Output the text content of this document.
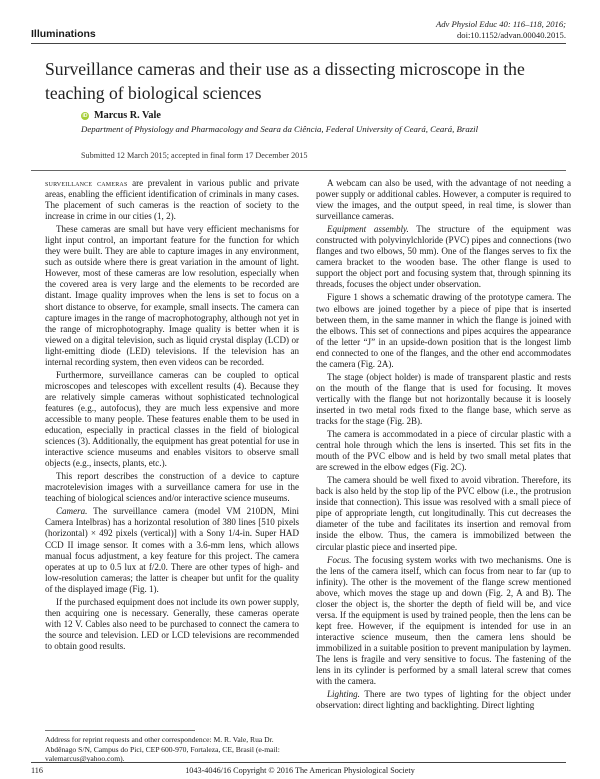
Illuminations
Adv Physiol Educ 40: 116–118, 2016;
doi:10.1152/advan.00040.2015.
Surveillance cameras and their use as a dissecting microscope in the teaching of biological sciences
iD Marcus R. Vale
Department of Physiology and Pharmacology and Seara da Ciência, Federal University of Ceará, Ceará, Brazil
Submitted 12 March 2015; accepted in final form 17 December 2015

surveillance cameras are prevalent in various public and private areas, enabling the efficient identification of criminals in many cases. The placement of such cameras is the reaction of society to the increase in crime in our cities (1, 2).

These cameras are small but have very efficient mechanisms for light input control, an important feature for the function for which they were built. They are able to capture images in any environment, such as outside where there is great variation in the amount of light. However, most of these cameras are low resolution, especially when the covered area is very large and the elements to be recorded are distant. Image quality improves when the lens is set to focus on a short distance to observe, for example, small insects. The camera can capture images in the range of macrophotography, although not yet in the range of microphotography. Image quality is better when it is viewed on a digital television, such as liquid crystal display (LCD) or light-emitting diode (LED) televisions. If the television has an internal recording system, then even videos can be recorded.

Furthermore, surveillance cameras can be coupled to optical microscopes and telescopes with excellent results (4). Because they are relatively simple cameras without sophisticated technological features (e.g., autofocus), they are much less expensive and more accessible to many people. These features enable them to be used in education, especially in practical classes in the field of biological sciences (3). Additionally, the equipment has great potential for use in interactive science museums and enables visitors to observe small objects (e.g., insects, plants, etc.).

This report describes the construction of a device to capture macrotelevision images with a surveillance camera for use in the teaching of biological sciences and/or interactive science museums.

Camera. The surveillance camera (model VM 210DN, Mini Camera Intelbras) has a horizontal resolution of 380 lines [510 pixels (horizontal) × 492 pixels (vertical)] with a Sony 1/4-in. Super HAD CCD II image sensor. It comes with a 3.6-mm lens, which allows manual focus adjustment, a key feature for this project. The camera operates at up to 0.5 lux at f/2.0. There are other types of high- and low-resolution cameras; the latter is cheaper but unfit for the quality of the displayed image (Fig. 1).

If the purchased equipment does not include its own power supply, then acquiring one is necessary. Generally, these cameras operate with 12 V. Cables also need to be purchased to connect the camera to the source and television. LED or LCD televisions are recommended to obtain good results.

A webcam can also be used, with the advantage of not needing a power supply or additional cables. However, a computer is required to view the images, and the output speed, in real time, is slower than surveillance cameras.

Equipment assembly. The structure of the equipment was constructed with polyvinylchloride (PVC) pipes and connections (two flanges and two elbows, 50 mm). One of the flanges serves to fix the camera bracket to the wooden base. The other flange is used to support the object port and focusing system that, through spinning its threads, focuses the object under observation.

Figure 1 shows a schematic drawing of the prototype camera. The two elbows are joined together by a piece of pipe that is inserted between them, in the same manner in which the flange is joined with the elbows. This set of connections and pipes acquires the appearance of the letter “J” in an upside-down position that is the longest limb end connected to one of the flanges, and the other end accommodates the camera (Fig. 2A).

The stage (object holder) is made of transparent plastic and rests on the mouth of the flange that is used for focusing. It moves vertically with the flange but not horizontally because it is loosely inserted in two metal rods fixed to the flange base, which serve as tracks for the stage (Fig. 2B).

The camera is accommodated in a piece of circular plastic with a central hole through which the lens is inserted. This set fits in the mouth of the PVC elbow and is held by two small metal plates that are screwed in the elbow edges (Fig. 2C).

The camera should be well fixed to avoid vibration. Therefore, its back is also held by the stop lip of the PVC elbow (i.e., the protrusion inside that connection). This issue was resolved with a small piece of pipe of appropriate length, cut longitudinally. This cut decreases the diameter of the tube and facilitates its insertion and removal from inside the elbow. Thus, the camera is immobilized between the circular plastic piece and inserted pipe.

Focus. The focusing system works with two mechanisms. One is the lens of the camera itself, which can focus from near to far (up to infinity). The other is the movement of the flange screw mentioned above, which moves the stage up and down (Fig. 2, A and B). The closer the object is, the shorter the depth of field will be, and vice versa. If the equipment is used by trained people, then the lens can be kept free. However, if the equipment is intended for use in an interactive science museum, then the camera lens should be immobilized in a suitable position to prevent manipulation by laymen. The lens is fragile and very sensitive to focus. The fastening of the lens in its cylinder is performed by a small lateral screw that comes with the camera.

Lighting. There are two types of lighting for the object under observation: direct lighting and backlighting. Direct lighting

Address for reprint requests and other correspondence: M. R. Vale, Rua Dr. Abdênago S/N, Campus do Pici, CEP 600-970, Fortaleza, CE, Brasil (e-mail: valemarcus@yahoo.com).
116	1043-4046/16 Copyright © 2016 The American Physiological Society
